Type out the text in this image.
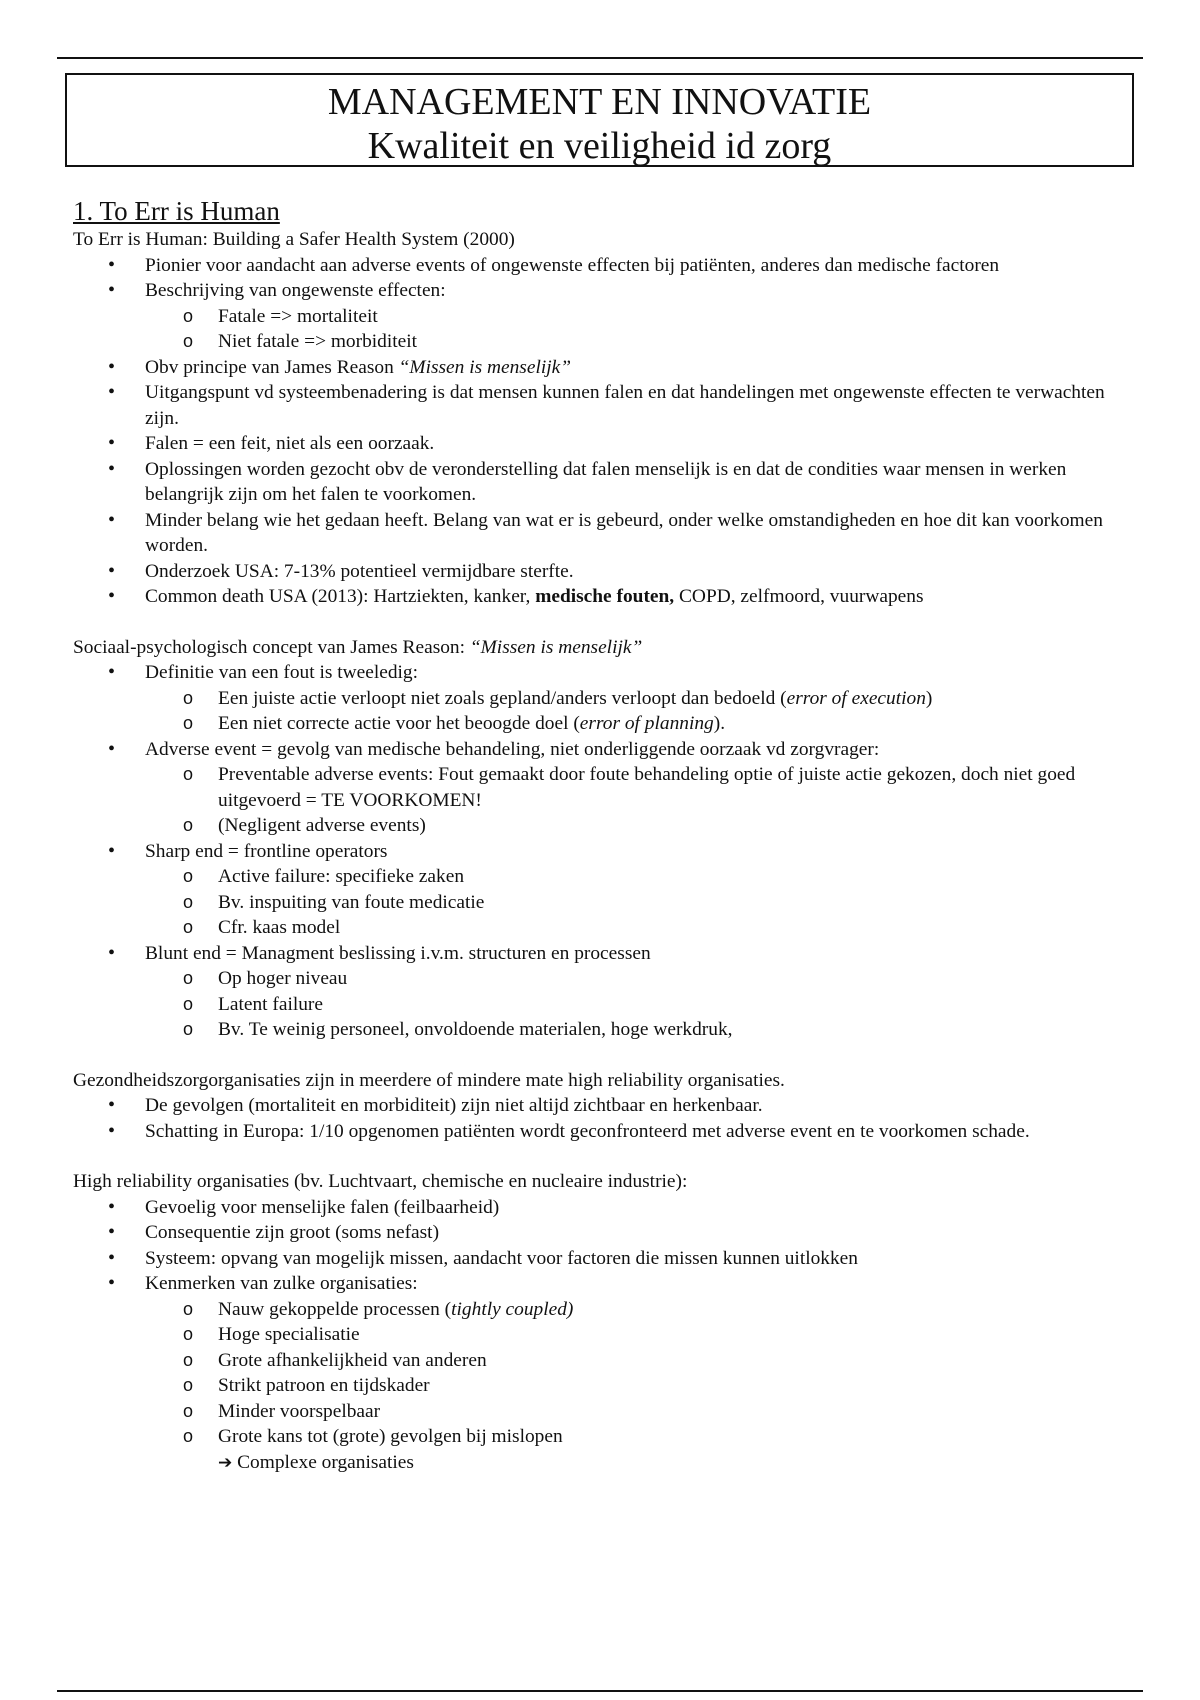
MANAGEMENT EN INNOVATIE
Kwaliteit en veiligheid id zorg
1. To Err is Human

To Err is Human: Building a Safer Health System (2000)

• Pionier voor aandacht aan adverse events of ongewenste effecten bij patiënten, anderes dan medische factoren
• Beschrijving van ongewenste effecten:
o Fatale => mortaliteit
o Niet fatale => morbiditeit
• Obv principe van James Reason “Missen is menselijk”
• Uitgangspunt vd systeembenadering is dat mensen kunnen falen en dat handelingen met ongewenste effecten te verwachten zijn.
• Falen = een feit, niet als een oorzaak.
• Oplossingen worden gezocht obv de veronderstelling dat falen menselijk is en dat de condities waar mensen in werken belangrijk zijn om het falen te voorkomen.
• Minder belang wie het gedaan heeft. Belang van wat er is gebeurd, onder welke omstandigheden en hoe dit kan voorkomen worden.
• Onderzoek USA: 7-13% potentieel vermijdbare sterfte.
• Common death USA (2013): Hartziekten, kanker, medische fouten, COPD, zelfmoord, vuurwapens

Sociaal-psychologisch concept van James Reason: “Missen is menselijk”

• Definitie van een fout is tweeledig:
o Een juiste actie verloopt niet zoals gepland/anders verloopt dan bedoeld (error of execution)
o Een niet correcte actie voor het beoogde doel (error of planning).
• Adverse event = gevolg van medische behandeling, niet onderliggende oorzaak vd zorgvrager:
o Preventable adverse events: Fout gemaakt door foute behandeling optie of juiste actie gekozen, doch niet goed uitgevoerd = TE VOORKOMEN!
o (Negligent adverse events)
• Sharp end = frontline operators
o Active failure: specifieke zaken
o Bv. inspuiting van foute medicatie
o Cfr. kaas model
• Blunt end = Managment beslissing i.v.m. structuren en processen
o Op hoger niveau
o Latent failure
o Bv. Te weinig personeel, onvoldoende materialen, hoge werkdruk,

Gezondheidszorgorganisaties zijn in meerdere of mindere mate high reliability organisaties.

• De gevolgen (mortaliteit en morbiditeit) zijn niet altijd zichtbaar en herkenbaar.
• Schatting in Europa: 1/10 opgenomen patiënten wordt geconfronteerd met adverse event en te voorkomen schade.

High reliability organisaties (bv. Luchtvaart, chemische en nucleaire industrie):

• Gevoelig voor menselijke falen (feilbaarheid)
• Consequentie zijn groot (soms nefast)
• Systeem: opvang van mogelijk missen, aandacht voor factoren die missen kunnen uitlokken
• Kenmerken van zulke organisaties:
o Nauw gekoppelde processen (tightly coupled)
o Hoge specialisatie
o Grote afhankelijkheid van anderen
o Strikt patroon en tijdskader
o Minder voorspelbaar
o Grote kans tot (grote) gevolgen bij mislopen
➔ Complexe organisaties
